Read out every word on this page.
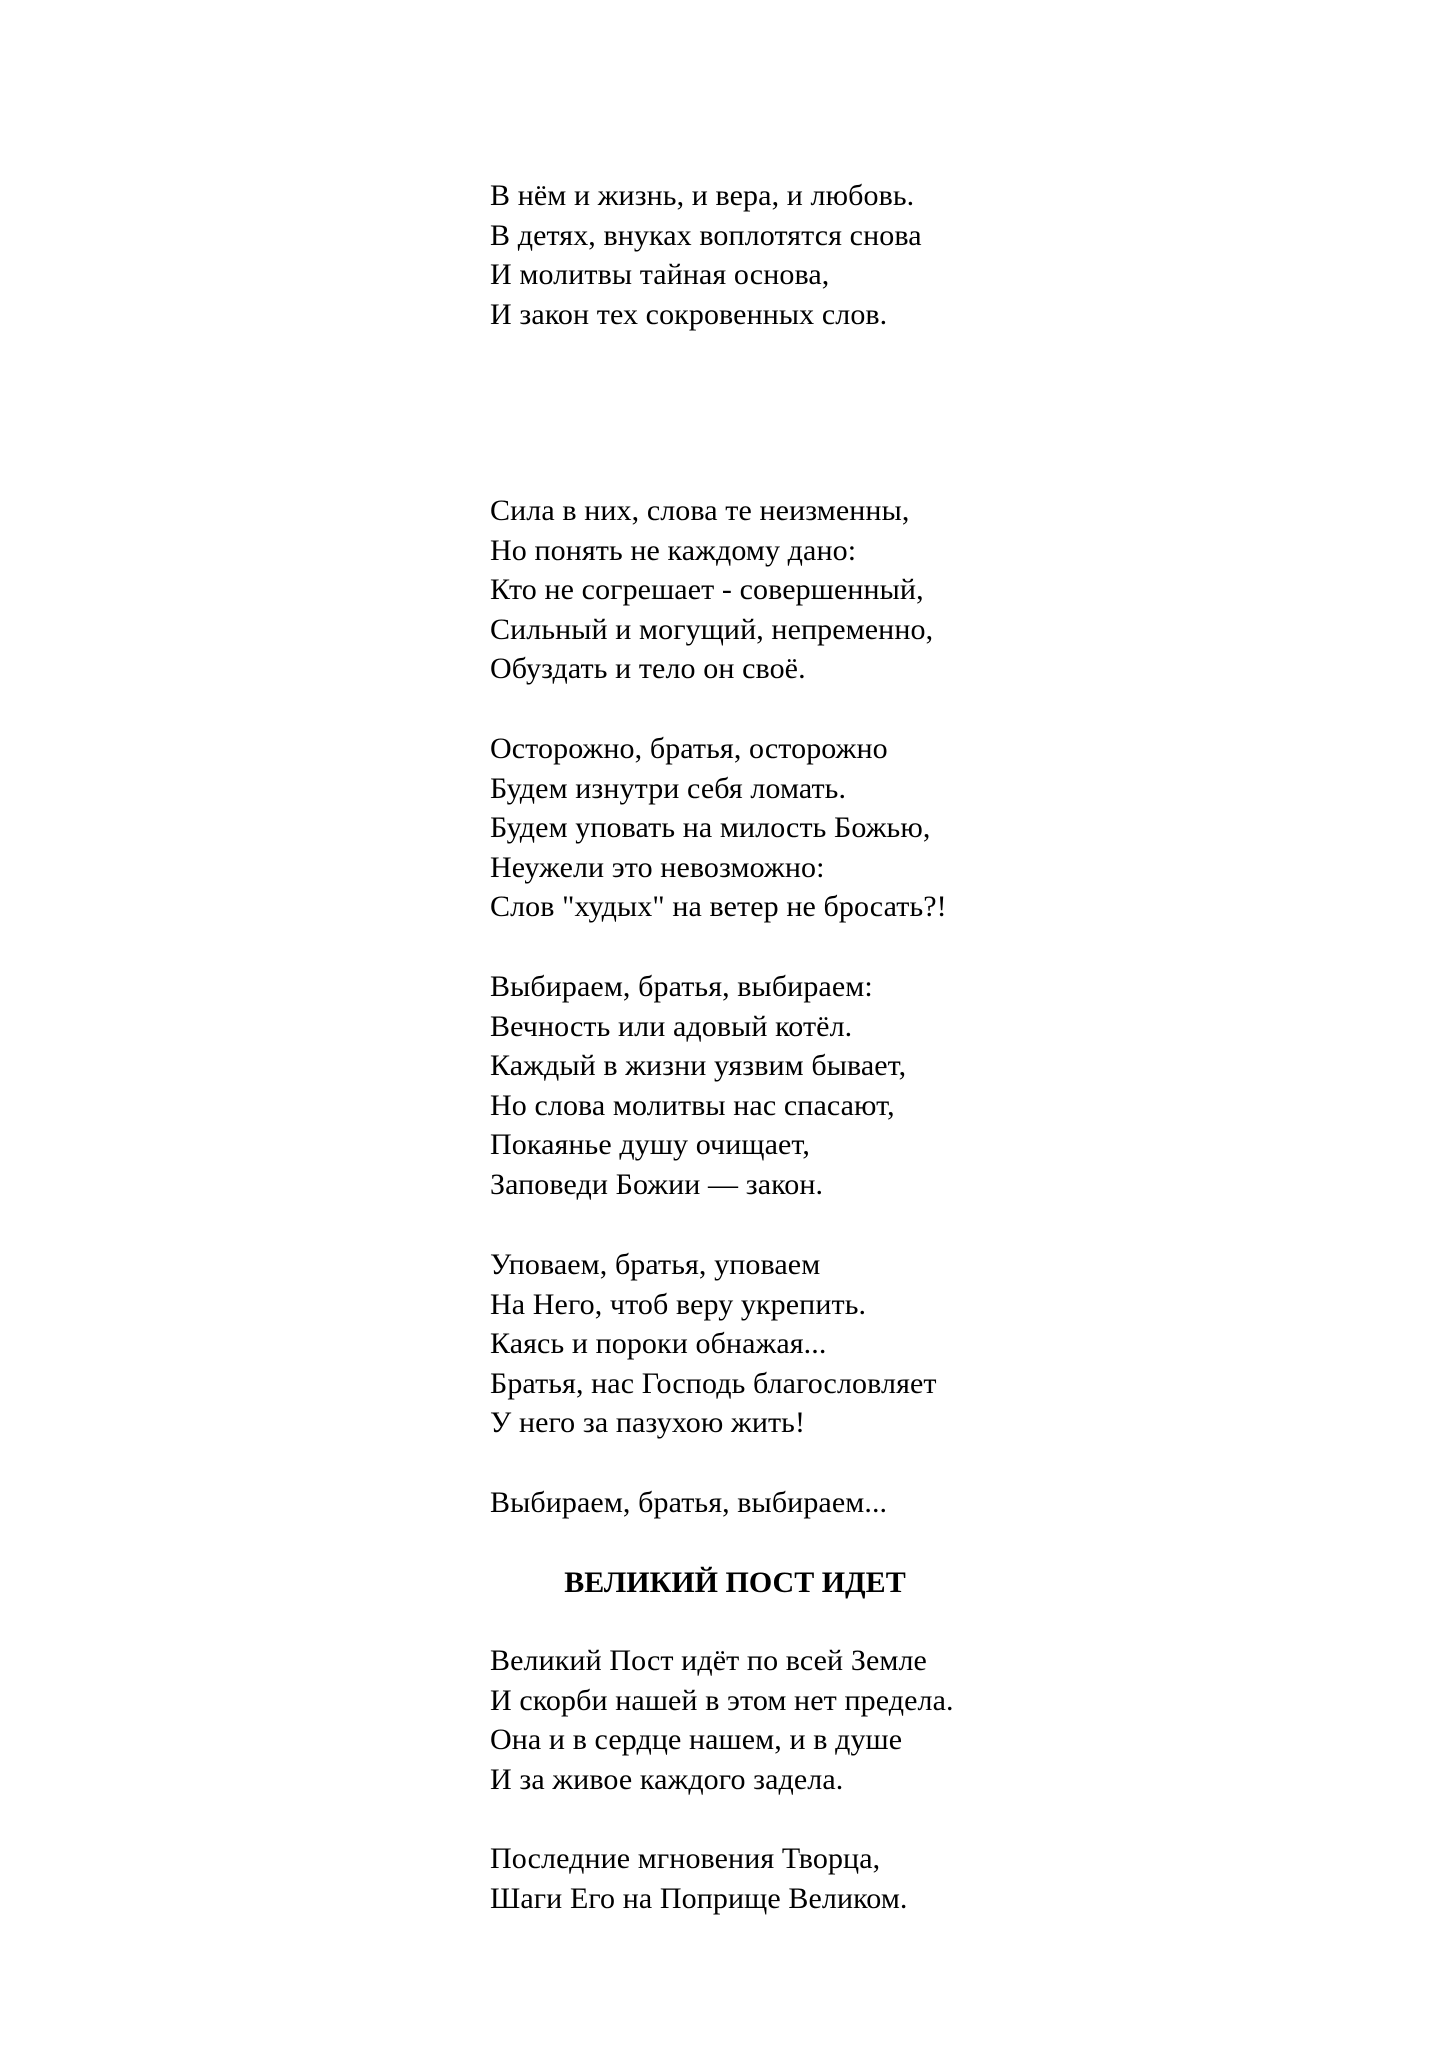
В нём и жизнь, и вера, и любовь.
В детях, внуках воплотятся снова
И молитвы тайная основа,
И закон тех сокровенных слов.
Сила в них, слова те неизменны,
Но понять не каждому дано:
Кто не согрешает - совершенный,
Сильный и могущий, непременно,
Обуздать и тело он своё.
Осторожно, братья, осторожно
Будем изнутри себя ломать.
Будем уповать на милость Божью,
Неужели это невозможно:
Слов "худых" на ветер не бросать?!
Выбираем, братья, выбираем:
Вечность или адовый котёл.
Каждый в жизни уязвим бывает,
Но слова молитвы нас спасают,
Покаянье душу очищает,
Заповеди Божии — закон.
Уповаем, братья, уповаем
На Него, чтоб веру укрепить.
Каясь и пороки обнажая...
Братья, нас Господь благословляет
У него за пазухою жить!
Выбираем, братья, выбираем...
ВЕЛИКИЙ ПОСТ ИДЕТ
Великий Пост идёт по всей Земле
И скорби нашей в этом нет предела.
Она и в сердце нашем, и в душе
И за живое каждого задела.
Последние мгновения Творца,
Шаги Его на Поприще Великом.
